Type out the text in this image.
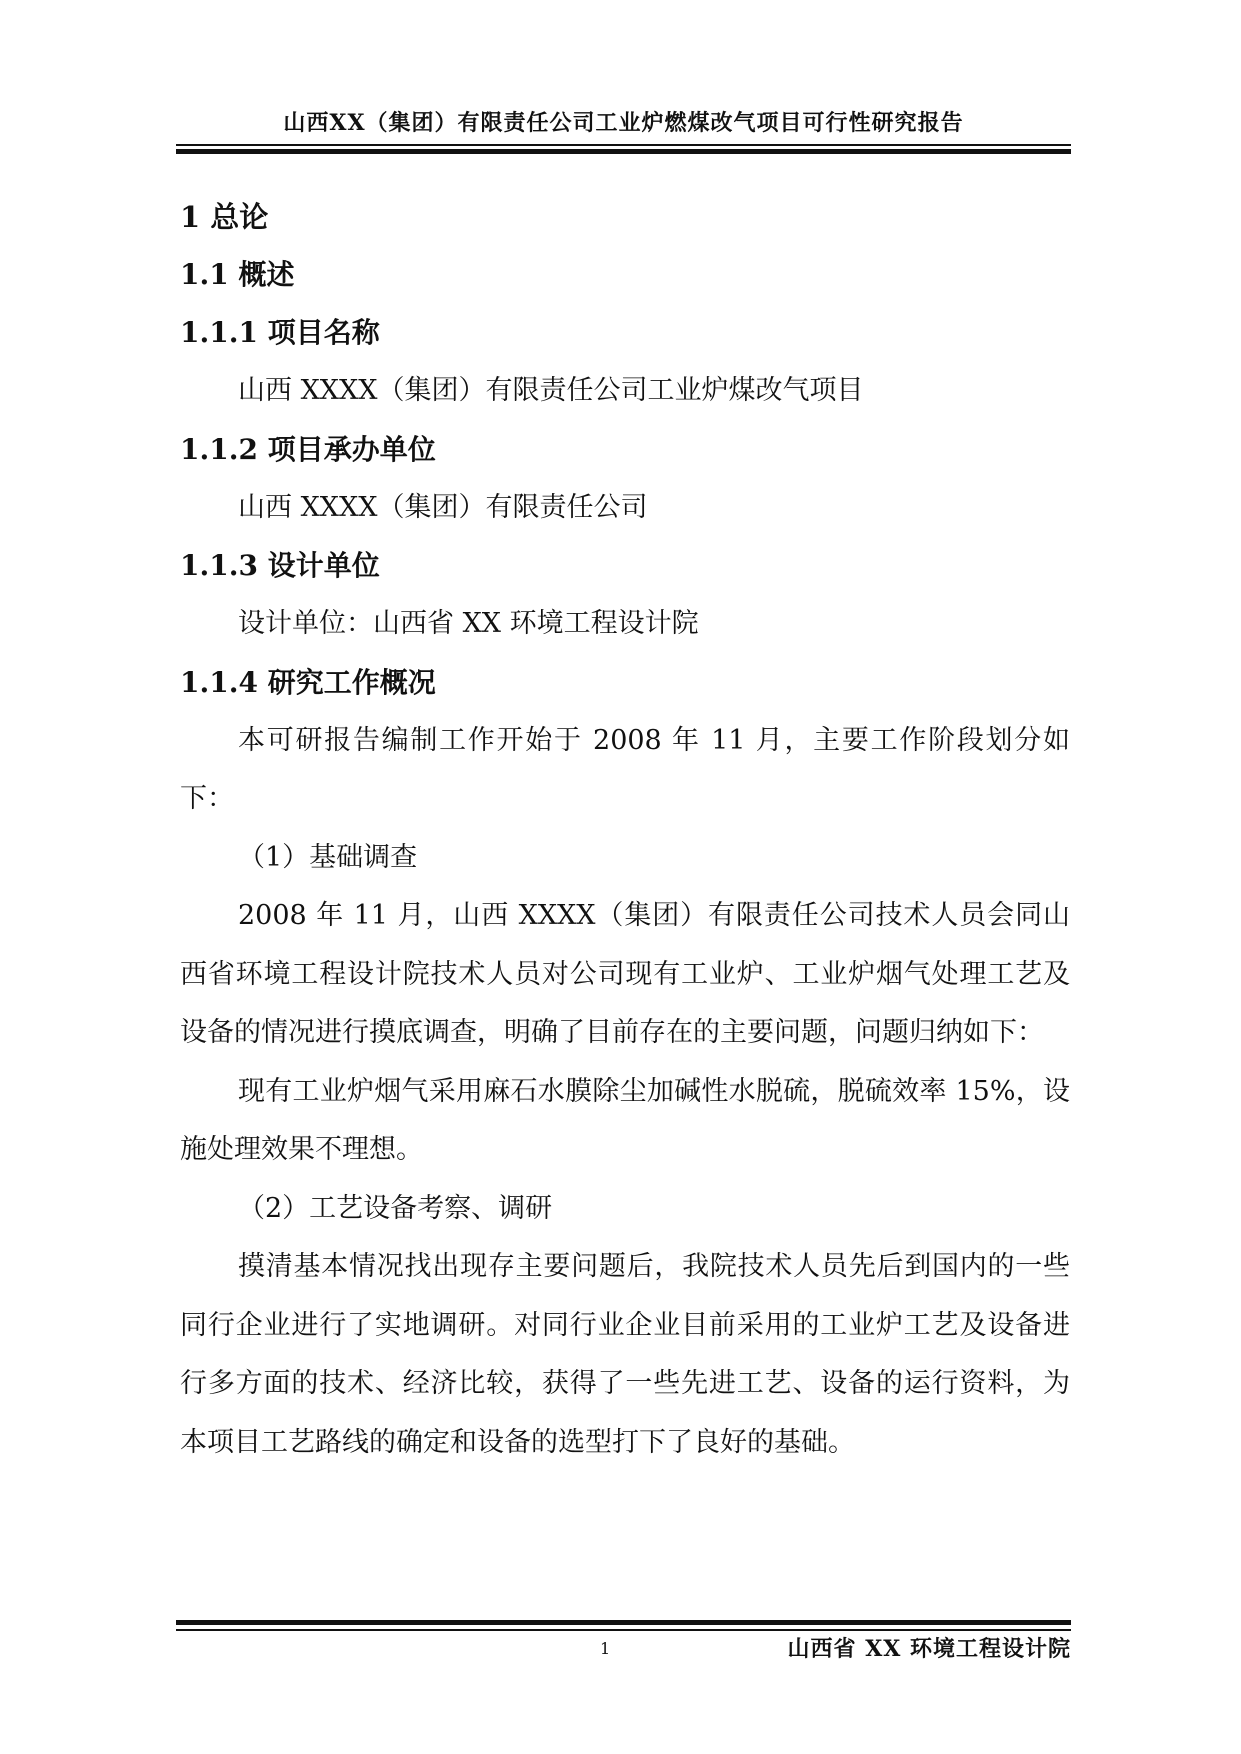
山西XX（集团）有限责任公司工业炉燃煤改气项目可行性研究报告
1 总论
1.1 概述
1.1.1 项目名称

山西 XXXX（集团）有限责任公司工业炉煤改气项目

1.1.2 项目承办单位

山西 XXXX（集团）有限责任公司

1.1.3 设计单位

设计单位：山西省 XX 环境工程设计院

1.1.4 研究工作概况

本可研报告编制工作开始于 2008 年 11 月，主要工作阶段划分如下：

（1）基础调查

2008 年 11 月，山西 XXXX（集团）有限责任公司技术人员会同山西省环境工程设计院技术人员对公司现有工业炉、工业炉烟气处理工艺及设备的情况进行摸底调查，明确了目前存在的主要问题，问题归纳如下：

现有工业炉烟气采用麻石水膜除尘加碱性水脱硫，脱硫效率 15%，设施处理效果不理想。

（2）工艺设备考察、调研

摸清基本情况找出现存主要问题后，我院技术人员先后到国内的一些同行企业进行了实地调研。对同行业企业目前采用的工业炉工艺及设备进行多方面的技术、经济比较，获得了一些先进工艺、设备的运行资料，为本项目工艺路线的确定和设备的选型打下了良好的基础。

1	山西省 XX 环境工程设计院
